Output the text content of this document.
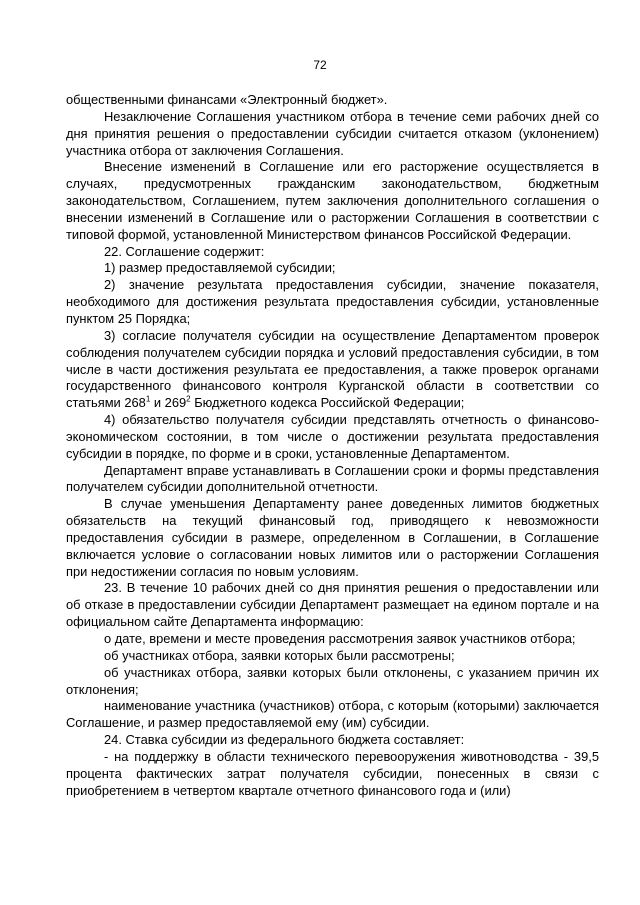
72

общественными финансами «Электронный бюджет».

Незаключение Соглашения участником отбора в течение семи рабочих дней со дня принятия решения о предоставлении субсидии считается отказом (уклонением) участника отбора от заключения Соглашения.

Внесение изменений в Соглашение или его расторжение осуществляется в случаях, предусмотренных гражданским законодательством, бюджетным законодательством, Соглашением, путем заключения дополнительного соглашения о внесении изменений в Соглашение или о расторжении Соглашения в соответствии с типовой формой, установленной Министерством финансов Российской Федерации.

22. Соглашение содержит:

1) размер предоставляемой субсидии;

2) значение результата предоставления субсидии, значение показателя, необходимого для достижения результата предоставления субсидии, установленные пунктом 25 Порядка;

3) согласие получателя субсидии на осуществление Департаментом проверок соблюдения получателем субсидии порядка и условий предоставления субсидии, в том числе в части достижения результата ее предоставления, а также проверок органами государственного финансового контроля Курганской области в соответствии со статьями $268^1$ и $269^2$ Бюджетного кодекса Российской Федерации;

4) обязательство получателя субсидии представлять отчетность о финансово-экономическом состоянии, в том числе о достижении результата предоставления субсидии в порядке, по форме и в сроки, установленные Департаментом.

Департамент вправе устанавливать в Соглашении сроки и формы представления получателем субсидии дополнительной отчетности.

В случае уменьшения Департаменту ранее доведенных лимитов бюджетных обязательств на текущий финансовый год, приводящего к невозможности предоставления субсидии в размере, определенном в Соглашении, в Соглашение включается условие о согласовании новых лимитов или о расторжении Соглашения при недостижении согласия по новым условиям.

23. В течение 10 рабочих дней со дня принятия решения о предоставлении или об отказе в предоставлении субсидии Департамент размещает на едином портале и на официальном сайте Департамента информацию:

о дате, времени и месте проведения рассмотрения заявок участников отбора;

об участниках отбора, заявки которых были рассмотрены;

об участниках отбора, заявки которых были отклонены, с указанием причин их отклонения;

наименование участника (участников) отбора, с которым (которыми) заключается Соглашение, и размер предоставляемой ему (им) субсидии.

24. Ставка субсидии из федерального бюджета составляет:

- на поддержку в области технического перевооружения животноводства - 39,5 процента фактических затрат получателя субсидии, понесенных в связи с приобретением в четвертом квартале отчетного финансового года и (или)
